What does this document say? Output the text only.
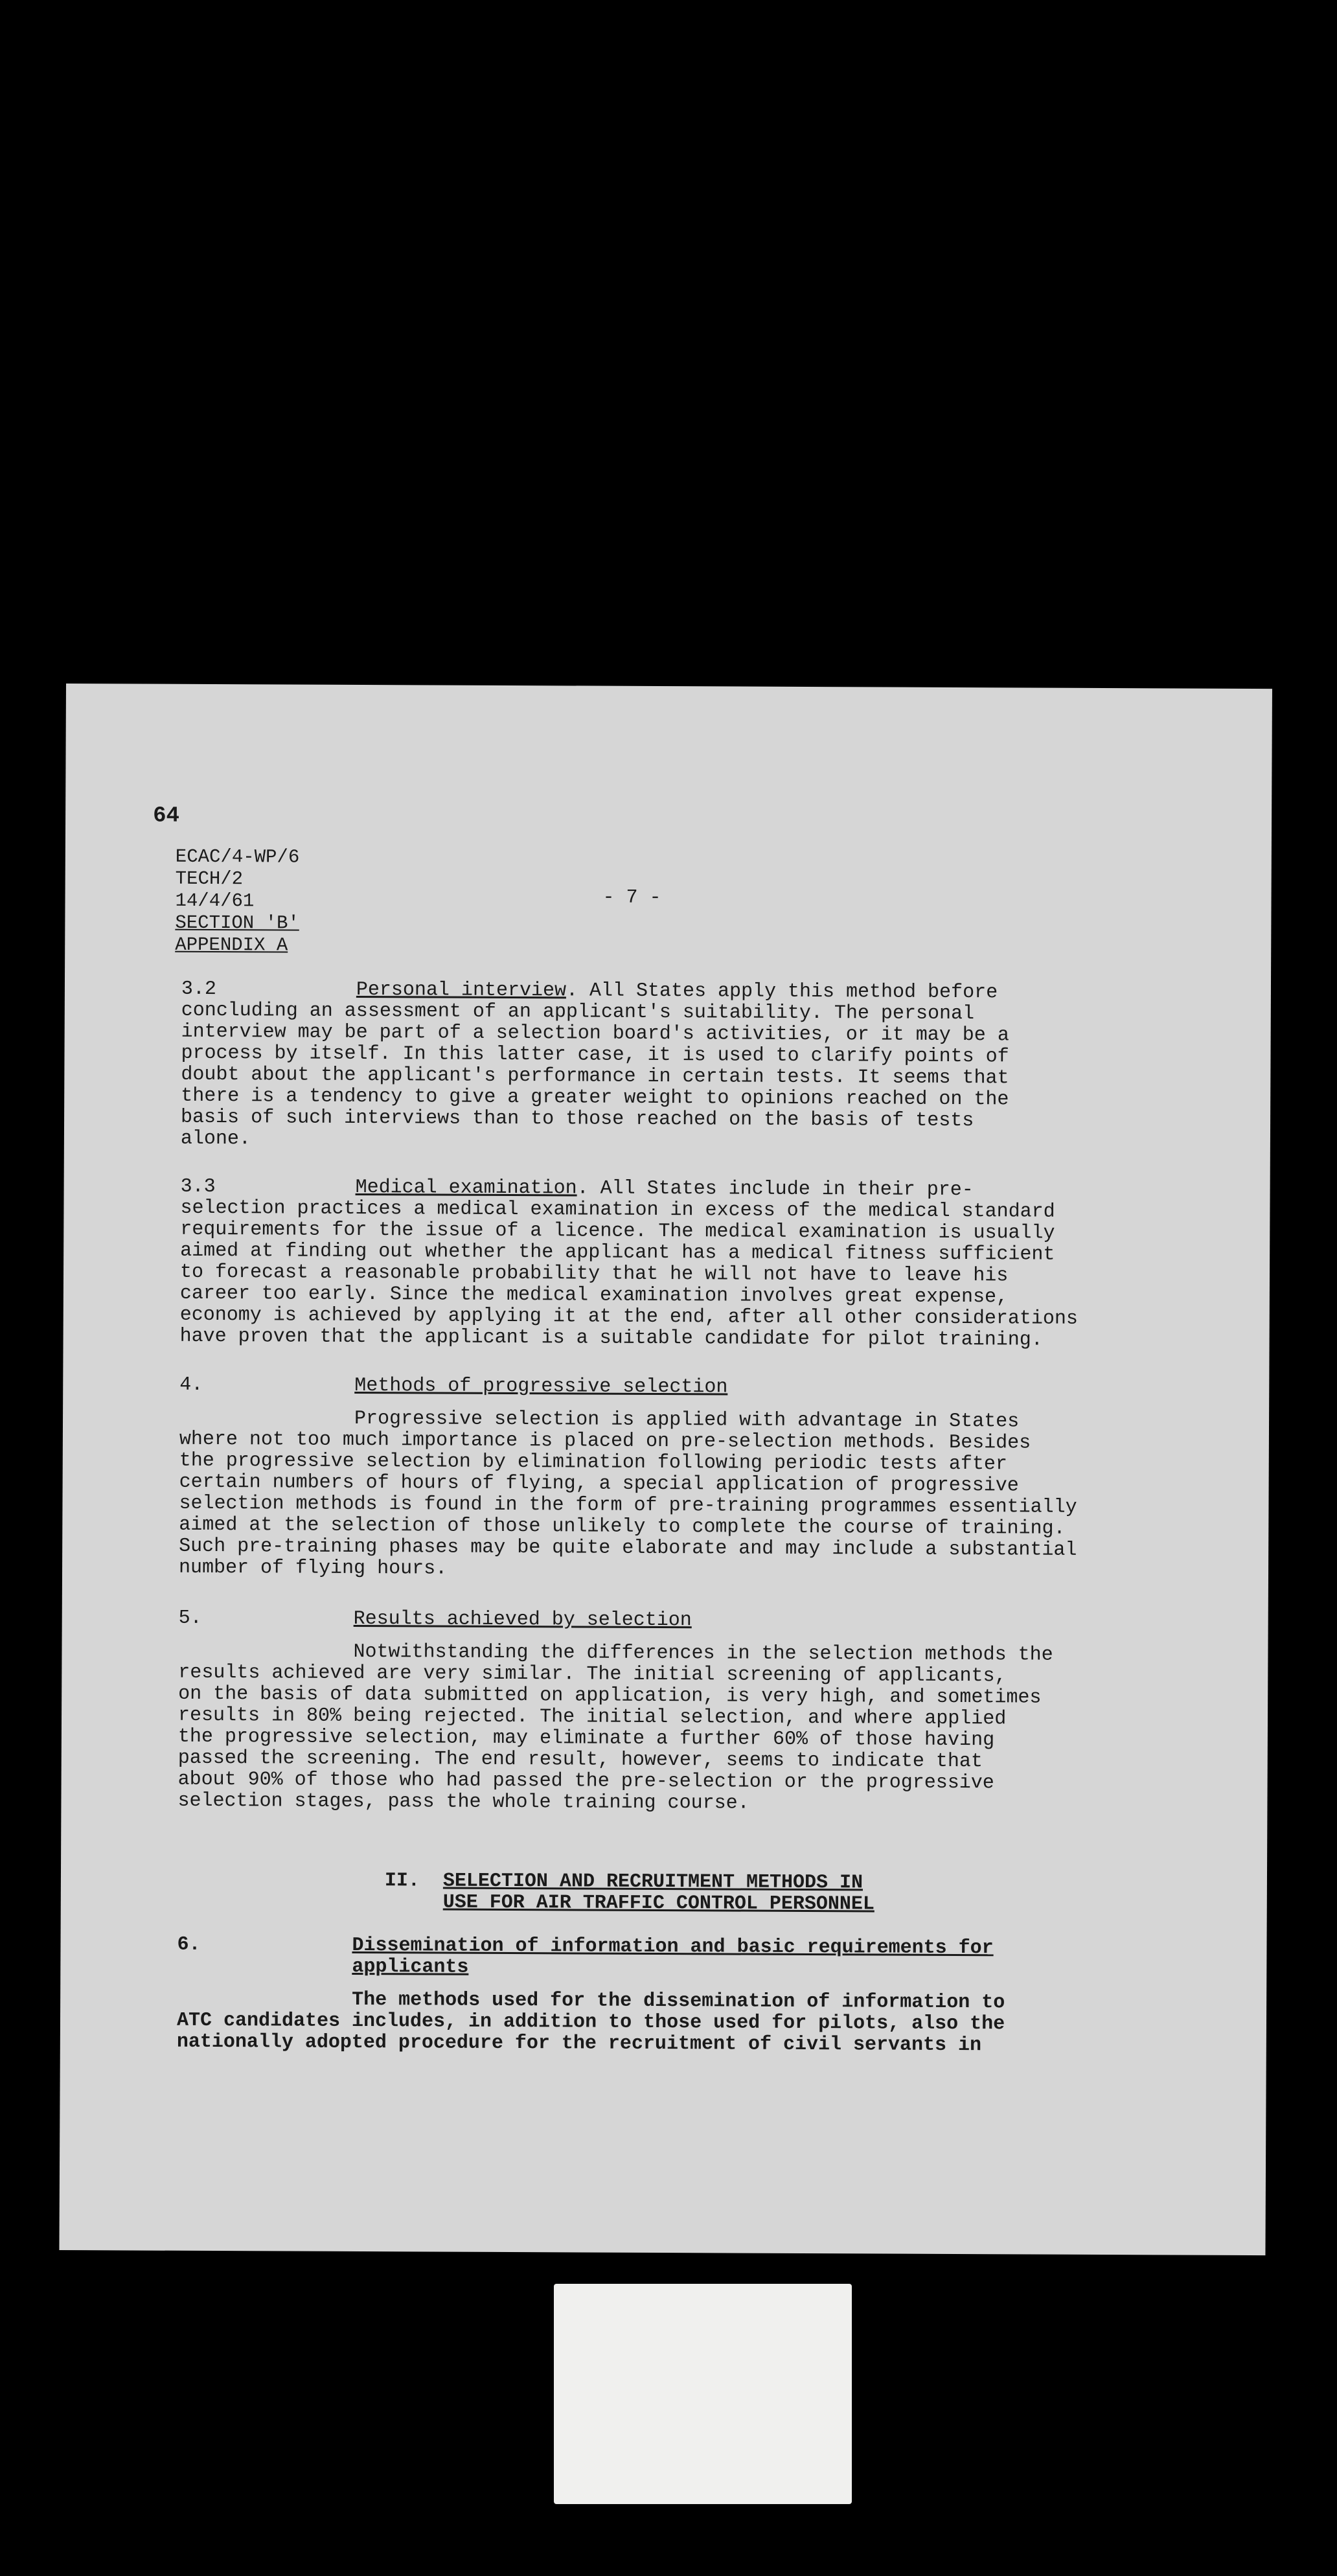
64
ECAC/4-WP/6
TECH/2
14/4/61
SECTION 'B'
APPENDIX A
- 7 -

3.2	Personal interview. All States apply this method before

concluding an assessment of an applicant's suitability. The personal

interview may be part of a selection board's activities, or it may be a

process by itself. In this latter case, it is used to clarify points of

doubt about the applicant's performance in certain tests. It seems that

there is a tendency to give a greater weight to opinions reached on the

basis of such interviews than to those reached on the basis of tests

alone.

3.3	Medical examination. All States include in their pre-

selection practices a medical examination in excess of the medical standard

requirements for the issue of a licence. The medical examination is usually

aimed at finding out whether the applicant has a medical fitness sufficient

to forecast a reasonable probability that he will not have to leave his

career too early. Since the medical examination involves great expense,

economy is achieved by applying it at the end, after all other considerations

have proven that the applicant is a suitable candidate for pilot training.

4.	Methods of progressive selection

Progressive selection is applied with advantage in States

where not too much importance is placed on pre-selection methods. Besides

the progressive selection by elimination following periodic tests after

certain numbers of hours of flying, a special application of progressive

selection methods is found in the form of pre-training programmes essentially

aimed at the selection of those unlikely to complete the course of training.

Such pre-training phases may be quite elaborate and may include a substantial

number of flying hours.

5.	Results achieved by selection

Notwithstanding the differences in the selection methods the

results achieved are very similar. The initial screening of applicants,

on the basis of data submitted on application, is very high, and sometimes

results in 80% being rejected. The initial selection, and where applied

the progressive selection, may eliminate a further 60% of those having

passed the screening. The end result, however, seems to indicate that

about 90% of those who had passed the pre-selection or the progressive

selection stages, pass the whole training course.

II. SELECTION AND RECRUITMENT METHODS IN
USE FOR AIR TRAFFIC CONTROL PERSONNEL

6.	Dissemination of information and basic requirements for

applicants

The methods used for the dissemination of information to

ATC candidates includes, in addition to those used for pilots, also the

nationally adopted procedure for the recruitment of civil servants in
